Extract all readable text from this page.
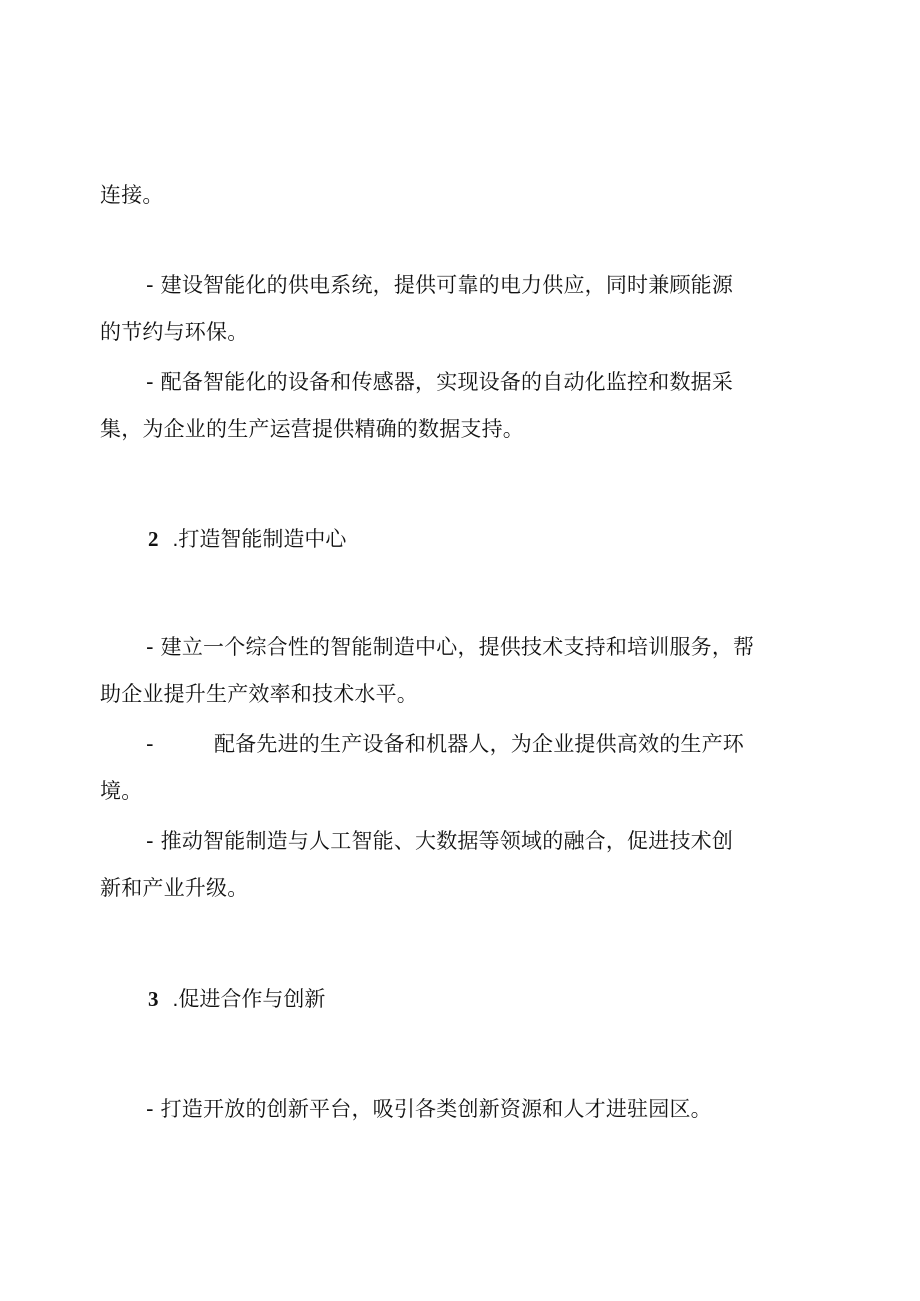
连接。
- 建设智能化的供电系统，提供可靠的电力供应，同时兼顾能源
的节约与环保。
- 配备智能化的设备和传感器，实现设备的自动化监控和数据采
集，为企业的生产运营提供精确的数据支持。
2 .打造智能制造中心
- 建立一个综合性的智能制造中心，提供技术支持和培训服务，帮
助企业提升生产效率和技术水平。
-	配备先进的生产设备和机器人，为企业提供高效的生产环
境。
- 推动智能制造与人工智能、大数据等领域的融合，促进技术创
新和产业升级。
3 .促进合作与创新
- 打造开放的创新平台，吸引各类创新资源和人才进驻园区。
